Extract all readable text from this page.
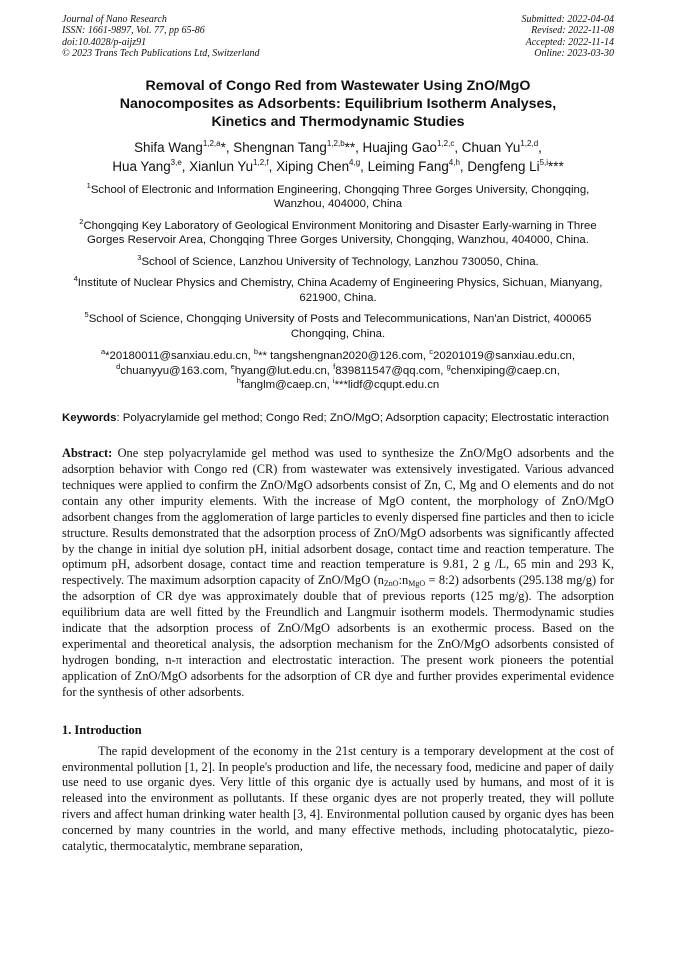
Journal of Nano Research
ISSN: 1661-9897, Vol. 77, pp 65-86
doi:10.4028/p-aijz91
© 2023 Trans Tech Publications Ltd, Switzerland
Submitted: 2022-04-04
Revised: 2022-11-08
Accepted: 2022-11-14
Online: 2023-03-30
Removal of Congo Red from Wastewater Using ZnO/MgO
Nanocomposites as Adsorbents: Equilibrium Isotherm Analyses,
Kinetics and Thermodynamic Studies
Shifa Wang$^{1,2,a}$*, Shengnan Tang$^{1,2,b}$**, Huajing Gao$^{1,2,c}$, Chuan Yu$^{1,2,d}$,
Hua Yang$^{3,e}$, Xianlun Yu$^{1,2,f}$, Xiping Chen$^{4,g}$, Leiming Fang$^{4,h}$, Dengfeng Li$^{5,i}$***
$^1$School of Electronic and Information Engineering, Chongqing Three Gorges University, Chongqing, Wanzhou, 404000, China
$^2$Chongqing Key Laboratory of Geological Environment Monitoring and Disaster Early-warning in Three Gorges Reservoir Area, Chongqing Three Gorges University, Chongqing, Wanzhou, 404000, China.
$^3$School of Science, Lanzhou University of Technology, Lanzhou 730050, China.
$^4$Institute of Nuclear Physics and Chemistry, China Academy of Engineering Physics, Sichuan, Mianyang, 621900, China.
$^5$School of Science, Chongqing University of Posts and Telecommunications, Nan'an District, 400065 Chongqing, China.
$^a$*20180011@sanxiau.edu.cn, $^b$** tangshengnan2020@126.com, $^c$20201019@sanxiau.edu.cn,
$^d$chuanyyu@163.com, $^e$hyang@lut.edu.cn, $^f$839811547@qq.com, $^g$chenxiping@caep.cn,
$^h$fanglm@caep.cn, $^i$***lidf@cqupt.edu.cn
Keywords: Polyacrylamide gel method; Congo Red; ZnO/MgO; Adsorption capacity; Electrostatic interaction
Abstract: One step polyacrylamide gel method was used to synthesize the ZnO/MgO adsorbents and the adsorption behavior with Congo red (CR) from wastewater was extensively investigated. Various advanced techniques were applied to confirm the ZnO/MgO adsorbents consist of Zn, C, Mg and O elements and do not contain any other impurity elements. With the increase of MgO content, the morphology of ZnO/MgO adsorbent changes from the agglomeration of large particles to evenly dispersed fine particles and then to icicle structure. Results demonstrated that the adsorption process of ZnO/MgO adsorbents was significantly affected by the change in initial dye solution pH, initial adsorbent dosage, contact time and reaction temperature. The optimum pH, adsorbent dosage, contact time and reaction temperature is 9.81, 2 g /L, 65 min and 293 K, respectively. The maximum adsorption capacity of ZnO/MgO ($n_{ZnO}:n_{MgO}$ = 8:2) adsorbents (295.138 mg/g) for the adsorption of CR dye was approximately double that of previous reports (125 mg/g). The adsorption equilibrium data are well fitted by the Freundlich and Langmuir isotherm models. Thermodynamic studies indicate that the adsorption process of ZnO/MgO adsorbents is an exothermic process. Based on the experimental and theoretical analysis, the adsorption mechanism for the ZnO/MgO adsorbents consisted of hydrogen bonding, n-π interaction and electrostatic interaction. The present work pioneers the potential application of ZnO/MgO adsorbents for the adsorption of CR dye and further provides experimental evidence for the synthesis of other adsorbents.
1. Introduction
The rapid development of the economy in the 21st century is a temporary development at the cost of environmental pollution [1, 2]. In people's production and life, the necessary food, medicine and paper of daily use need to use organic dyes. Very little of this organic dye is actually used by humans, and most of it is released into the environment as pollutants. If these organic dyes are not properly treated, they will pollute rivers and affect human drinking water health [3, 4]. Environmental pollution caused by organic dyes has been concerned by many countries in the world, and many effective methods, including photocatalytic, piezo-catalytic, thermocatalytic, membrane separation,
